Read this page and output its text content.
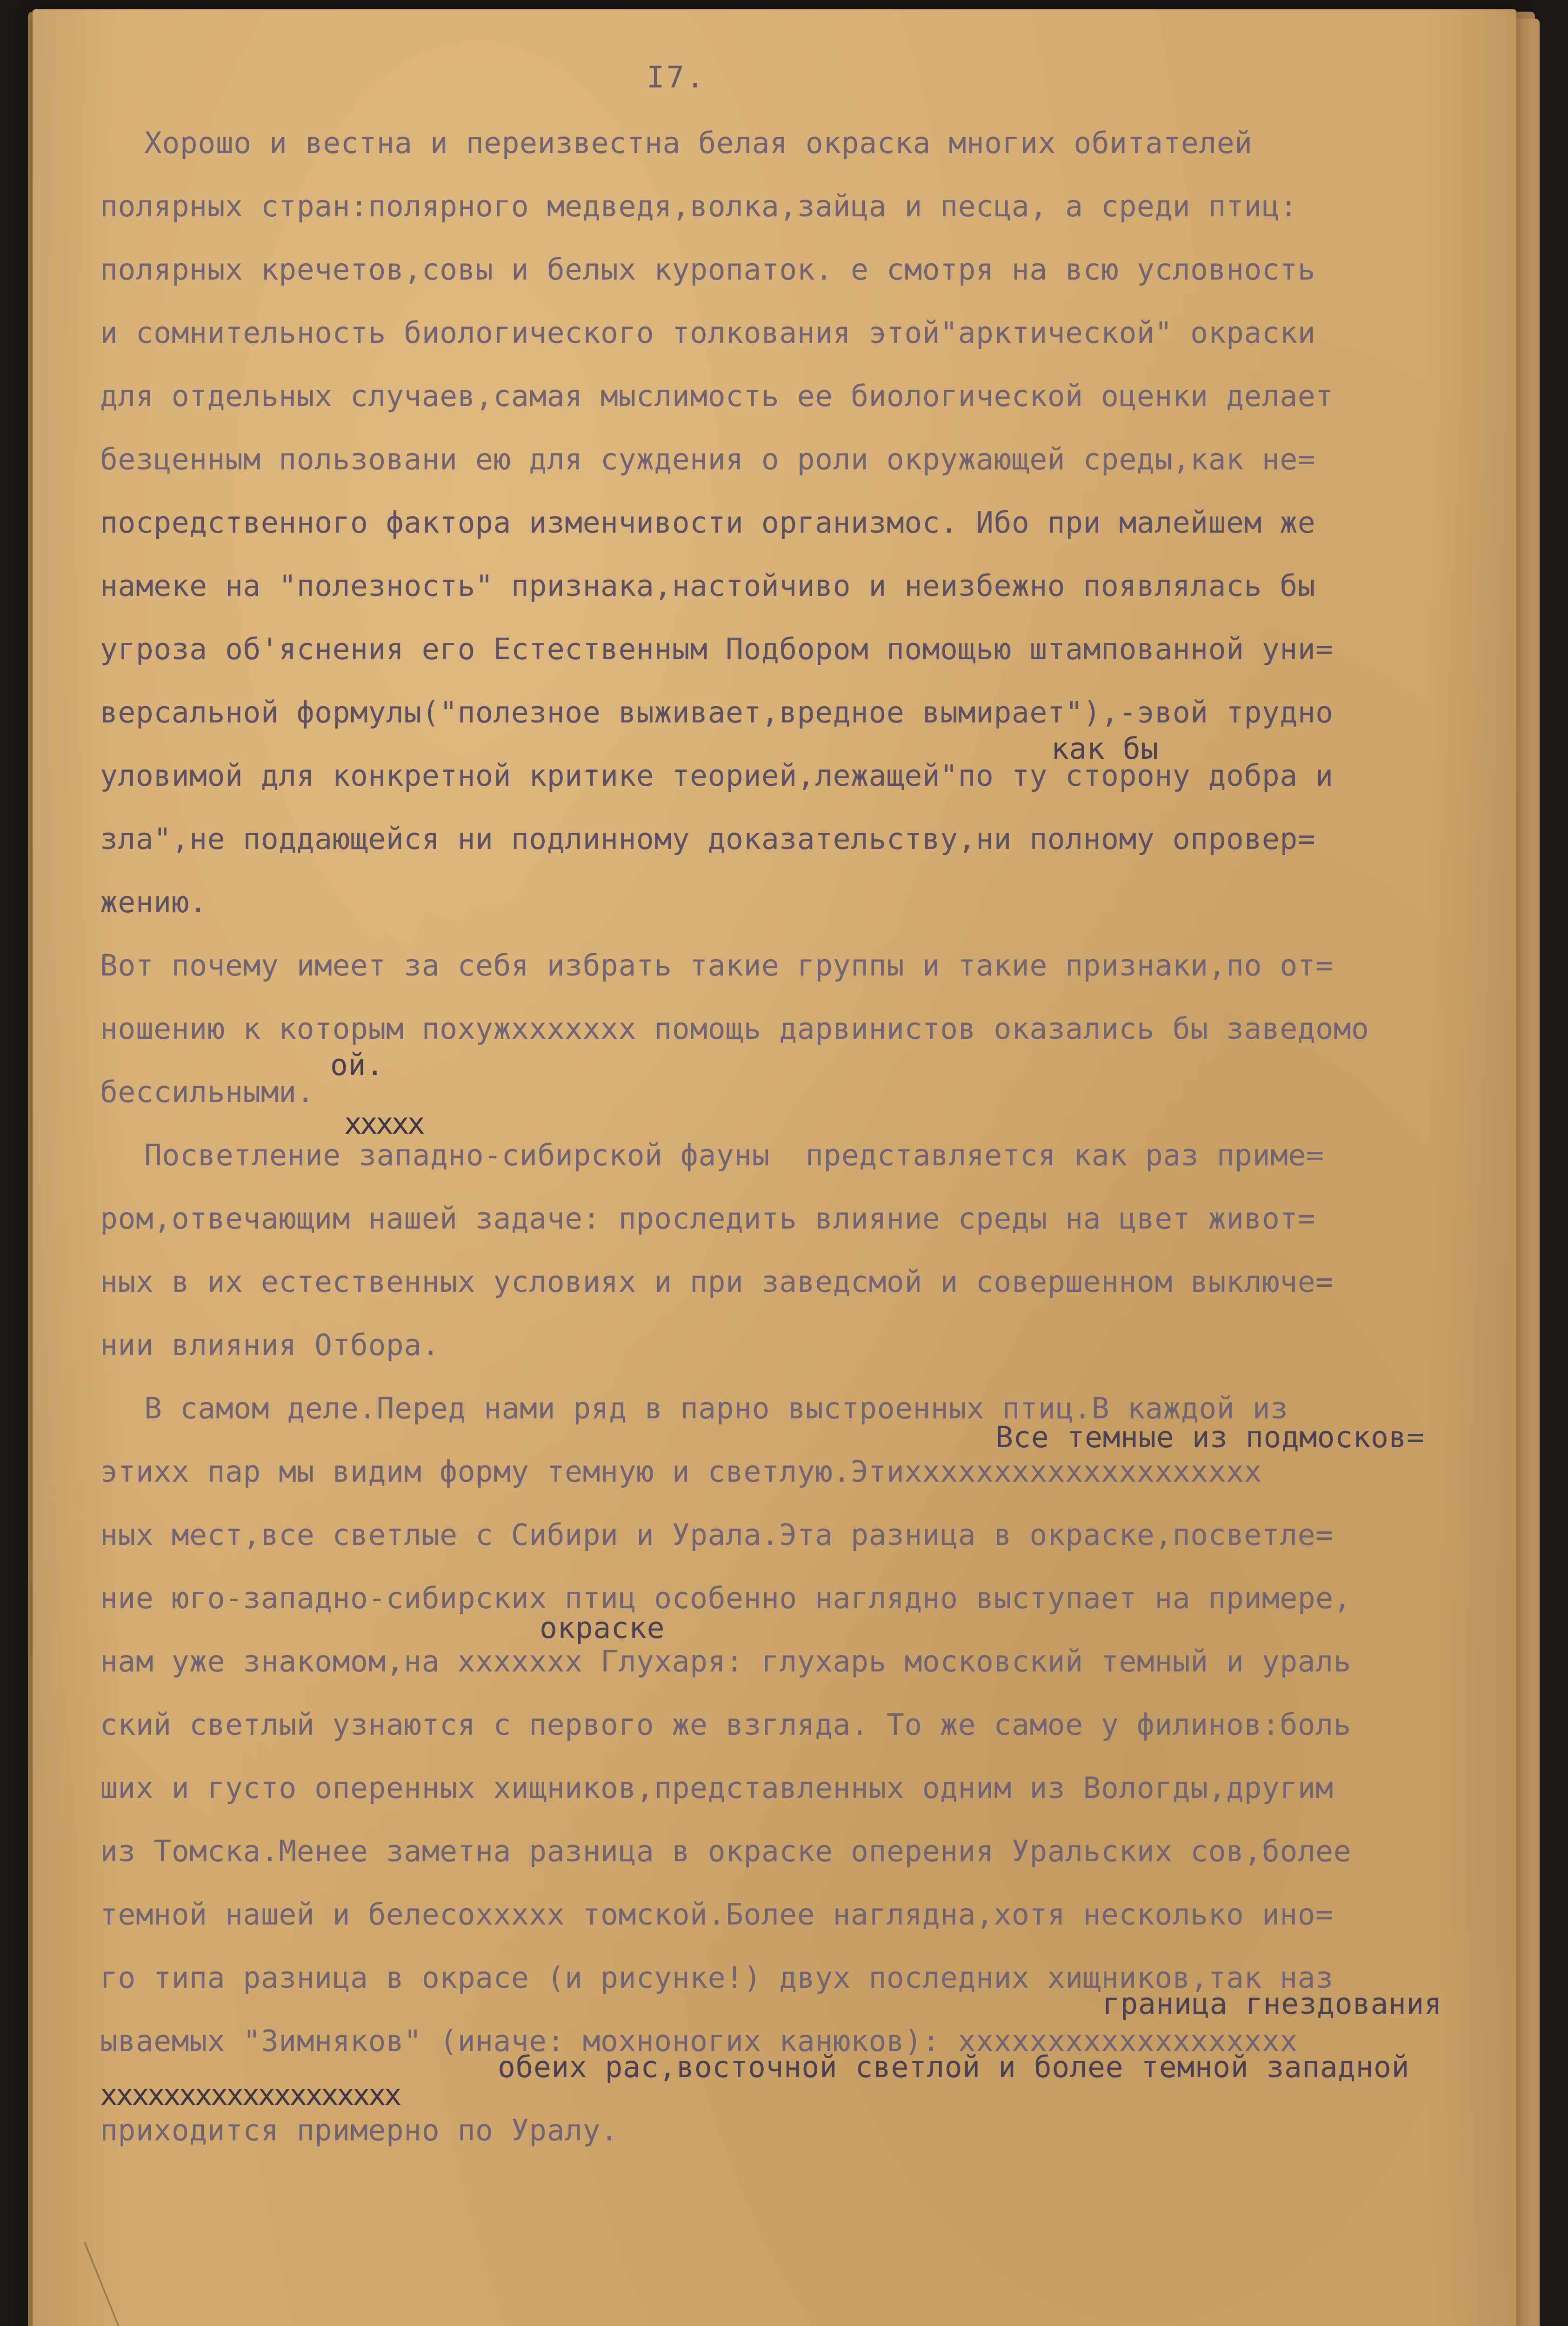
I7.
Хорошо и вестна и переизвестна белая окраска многих обитателей
полярных стран:полярного медведя,волка,зайца и песца, а среди птиц:
полярных кречетов,совы и белых куропаток. е смотря на всю условность
и сомнительность биологического толкования этой"арктической" окраски
для отдельных случаев,самая мыслимость ее биологической оценки делает
безценным пользовани ею для суждения о роли окружающей среды,как не=
посредственного фактора изменчивости организмос. Ибо при малейшем же
намеке на "полезность" признака,настойчиво и неизбежно появлялась бы
угроза об'яснения его Естественным Подбором помощью штампованной уни=
версальной формулы("полезное выживает,вредное вымирает"),-эвой трудно
уловимой для конкретной критике теорией,лежащей"по ту сторону добра и
зла",не поддающейся ни подлинному доказательству,ни полному опровер=
жению.
Вот почему имеет за себя избрать такие группы и такие признаки,по от=
ношению к которым похужххххххх помощь дарвинистов оказались бы заведомо
бессильными.
Посветление западно-сибирской фауны  представляется как раз приме=
ром,отвечающим нашей задаче: проследить влияние среды на цвет живот=
ных в их естественных условиях и при заведсмой и совершенном выключе=
нии влияния Отбора.
В самом деле.Перед нами ряд в парно выстроенных птиц.В каждой из
этихх пар мы видим форму темную и светлую.Этихххххххххххххххххххх
ных мест,все светлые с Сибири и Урала.Эта разница в окраске,посветле=
ние юго-западно-сибирских птиц особенно наглядно выступает на примере,
нам уже знакомом,на ххххххх Глухаря: глухарь московский темный и ураль
ский светлый узнаются с первого же взгляда. То же самое у филинов:боль
ших и густо оперенных хищников,представленных одним из Вологды,другим
из Томска.Менее заметна разница в окраске оперения Уральских сов,более
темной нашей и белесоххххх томской.Более наглядна,хотя несколько ино=
го типа разница в окрасе (и рисунке!) двух последних хищников,так наз
ываемых "Зимняков" (иначе: мохноногих канюков): ххххххххххххххххххх
ххххххххххххххххххх
приходится примерно по Уралу.
как бы
ой.
ххххх
Все темные из подмосков=
окраске
граница гнездования
обеих рас,восточной светлой и более темной западной
